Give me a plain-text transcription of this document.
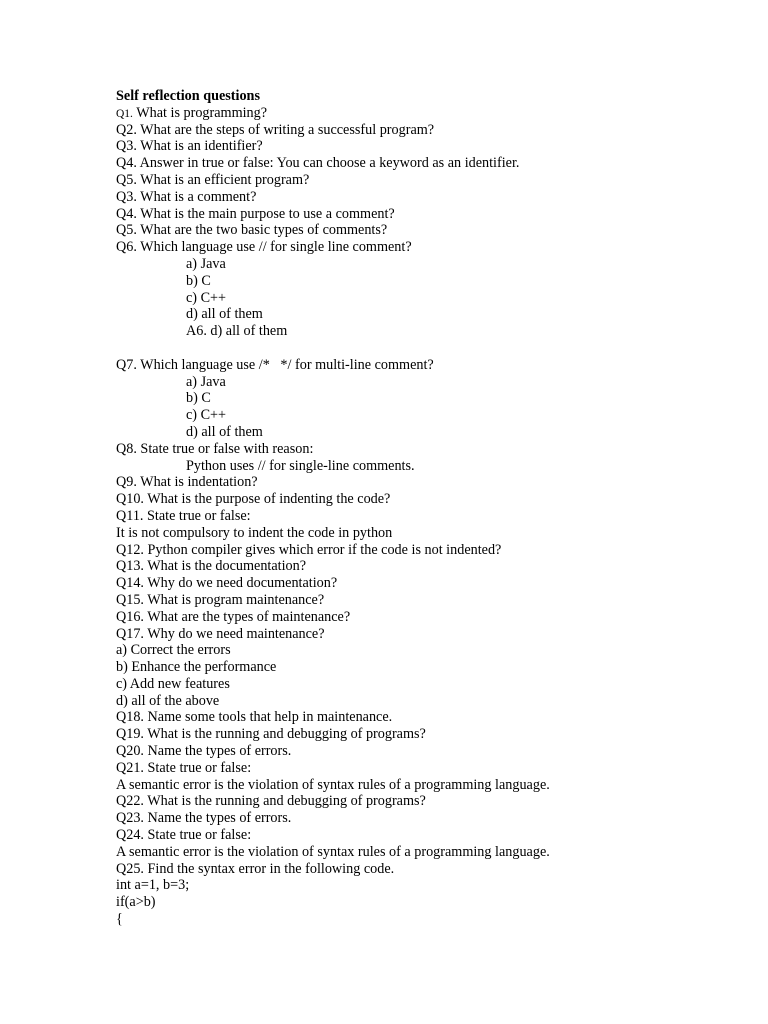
Self reflection questions
Q1. What is programming?
Q2. What are the steps of writing a successful program?
Q3. What is an identifier?
Q4. Answer in true or false: You can choose a keyword as an identifier.
Q5. What is an efficient program?
Q3. What is a comment?
Q4. What is the main purpose to use a comment?
Q5. What are the two basic types of comments?
Q6. Which language use // for single line comment?
a) Java
b) C
c) C++
d) all of them
A6. d) all of them
Q7. Which language use /*   */ for multi-line comment?
a) Java
b) C
c) C++
d) all of them
Q8. State true or false with reason:
Python uses // for single-line comments.
Q9. What is indentation?
Q10. What is the purpose of indenting the code?
Q11. State true or false:
It is not compulsory to indent the code in python
Q12. Python compiler gives which error if the code is not indented?
Q13. What is the documentation?
Q14. Why do we need documentation?
Q15. What is program maintenance?
Q16. What are the types of maintenance?
Q17. Why do we need maintenance?
a) Correct the errors
b) Enhance the performance
c) Add new features
d) all of the above
Q18. Name some tools that help in maintenance.
Q19. What is the running and debugging of programs?
Q20. Name the types of errors.
Q21. State true or false:
A semantic error is the violation of syntax rules of a programming language.
Q22. What is the running and debugging of programs?
Q23. Name the types of errors.
Q24. State true or false:
A semantic error is the violation of syntax rules of a programming language.
Q25. Find the syntax error in the following code.
int a=1, b=3;
if(a>b)
{
